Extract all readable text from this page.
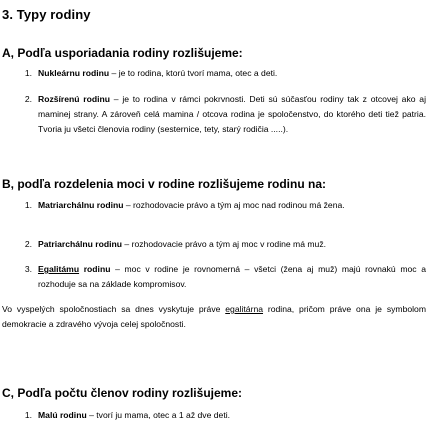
3. Typy rodiny
A, Podľa usporiadania rodiny rozlišujeme:
1. Nukleárnu rodinu – je to rodina, ktorú tvorí mama, otec a deti.
2. Rozšírenú rodinu – je to rodina v rámci pokrvnosti. Deti sú súčasťou rodiny tak z otcovej ako aj maminej strany. A zároveň celá mamina / otcova rodina je spoločenstvo, do ktorého deti tiež patria. Tvoria ju všetci členovia rodiny (sesternice, tety, starý rodičia .....).
B, podľa rozdelenia moci v rodine rozlišujeme rodinu na:
1. Matriarchálnu rodinu – rozhodovacie právo a tým aj moc nad rodinou má žena.
2. Patriarchálnu rodinu – rozhodovacie právo a tým aj moc v rodine má muž.
3. Egalitámu rodinu – moc v rodine je rovnomerná – všetci (žena aj muž) majú rovnakú moc a rozhoduje sa na základe kompromisov.
Vo vyspelých spoločnostiach sa dnes vyskytuje práve egalitárna rodina, pričom práve ona je symbolom demokracie a zdravého vývoja celej spoločnosti.
C, Podľa počtu členov rodiny rozlišujeme:
1. Malú rodinu – tvorí ju mama, otec a 1 až dve deti.
